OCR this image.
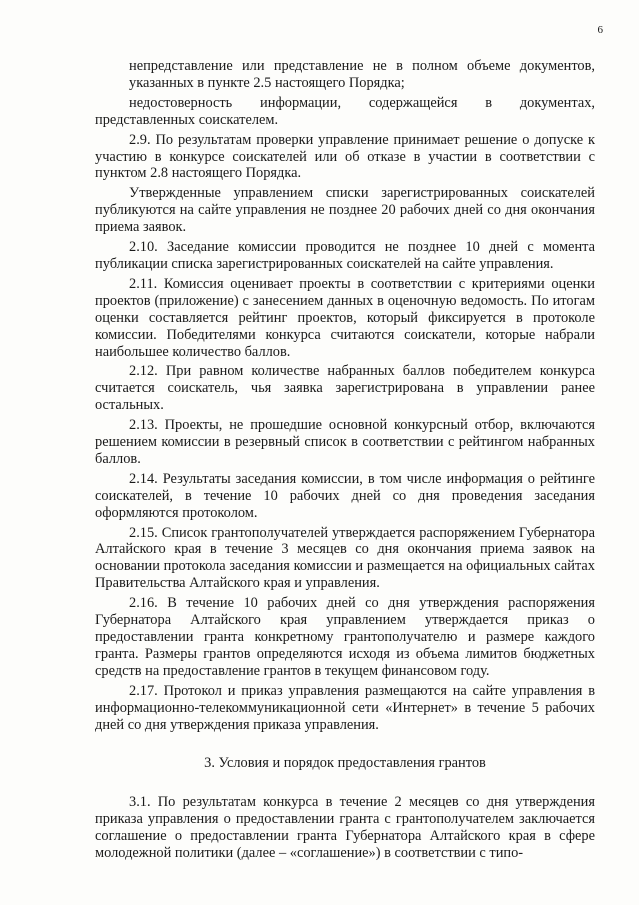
6

непредставление или представление не в полном объеме документов, указанных в пункте 2.5 настоящего Порядка;

недостоверность информации, содержащейся в документах, представленных соискателем.

2.9. По результатам проверки управление принимает решение о допуске к участию в конкурсе соискателей или об отказе в участии в соответствии с пунктом 2.8 настоящего Порядка.

Утвержденные управлением списки зарегистрированных соискателей публикуются на сайте управления не позднее 20 рабочих дней со дня окончания приема заявок.

2.10. Заседание комиссии проводится не позднее 10 дней с момента публикации списка зарегистрированных соискателей на сайте управления.

2.11. Комиссия оценивает проекты в соответствии с критериями оценки проектов (приложение) с занесением данных в оценочную ведомость. По итогам оценки составляется рейтинг проектов, который фиксируется в протоколе комиссии. Победителями конкурса считаются соискатели, которые набрали наибольшее количество баллов.

2.12. При равном количестве набранных баллов победителем конкурса считается соискатель, чья заявка зарегистрирована в управлении ранее остальных.

2.13. Проекты, не прошедшие основной конкурсный отбор, включаются решением комиссии в резервный список в соответствии с рейтингом набранных баллов.

2.14. Результаты заседания комиссии, в том числе информация о рейтинге соискателей, в течение 10 рабочих дней со дня проведения заседания оформляются протоколом.

2.15. Список грантополучателей утверждается распоряжением Губернатора Алтайского края в течение 3 месяцев со дня окончания приема заявок на основании протокола заседания комиссии и размещается на официальных сайтах Правительства Алтайского края и управления.

2.16. В течение 10 рабочих дней со дня утверждения распоряжения Губернатора Алтайского края управлением утверждается приказ о предоставлении гранта конкретному грантополучателю и размере каждого гранта. Размеры грантов определяются исходя из объема лимитов бюджетных средств на предоставление грантов в текущем финансовом году.

2.17. Протокол и приказ управления размещаются на сайте управления в информационно-телекоммуникационной сети «Интернет» в течение 5 рабочих дней со дня утверждения приказа управления.

3. Условия и порядок предоставления грантов

3.1. По результатам конкурса в течение 2 месяцев со дня утверждения приказа управления о предоставлении гранта с грантополучателем заключается соглашение о предоставлении гранта Губернатора Алтайского края в сфере молодежной политики (далее – «соглашение») в соответствии с типо-
